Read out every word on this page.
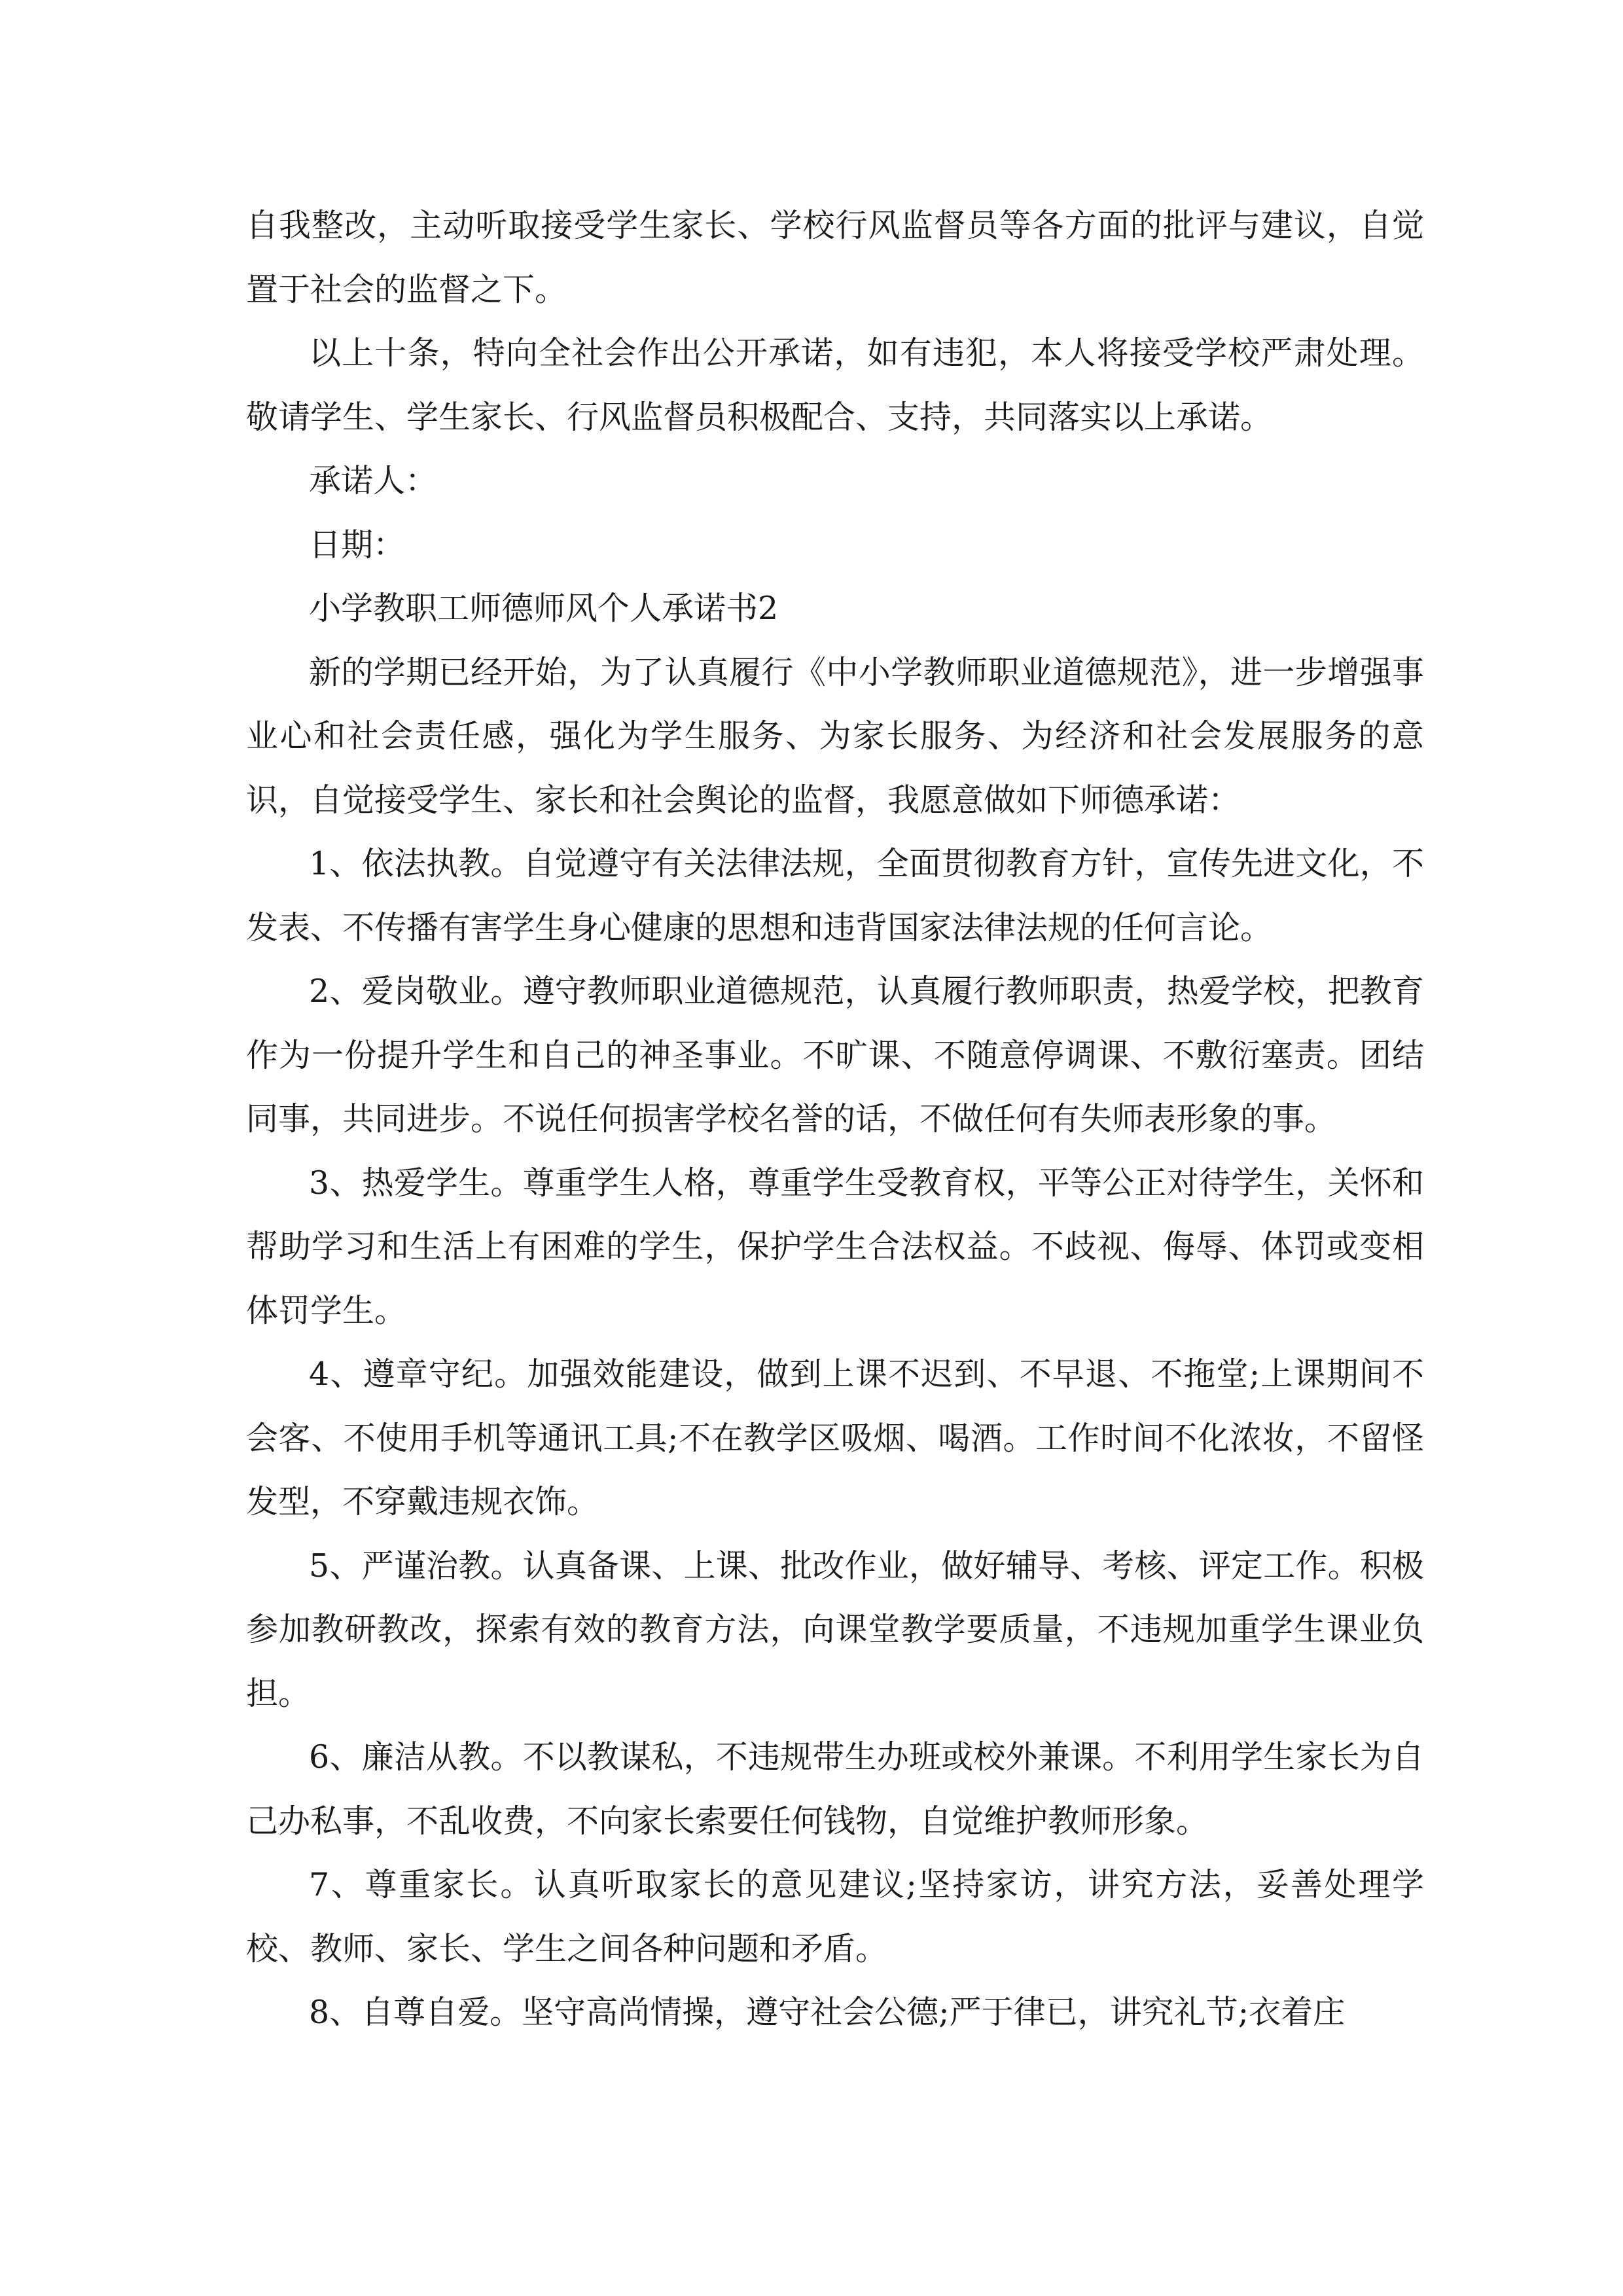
自我整改，主动听取接受学生家长、学校行风监督员等各方面的批评与建议，自觉置于社会的监督之下。

以上十条，特向全社会作出公开承诺，如有违犯，本人将接受学校严肃处理。敬请学生、学生家长、行风监督员积极配合、支持，共同落实以上承诺。

承诺人：

日期：

小学教职工师德师风个人承诺书2

新的学期已经开始，为了认真履行《中小学教师职业道德规范》，进一步增强事业心和社会责任感，强化为学生服务、为家长服务、为经济和社会发展服务的意识，自觉接受学生、家长和社会舆论的监督，我愿意做如下师德承诺：

1、依法执教。自觉遵守有关法律法规，全面贯彻教育方针，宣传先进文化，不发表、不传播有害学生身心健康的思想和违背国家法律法规的任何言论。

2、爱岗敬业。遵守教师职业道德规范，认真履行教师职责，热爱学校，把教育作为一份提升学生和自己的神圣事业。不旷课、不随意停调课、不敷衍塞责。团结同事，共同进步。不说任何损害学校名誉的话，不做任何有失师表形象的事。

3、热爱学生。尊重学生人格，尊重学生受教育权，平等公正对待学生，关怀和帮助学习和生活上有困难的学生，保护学生合法权益。不歧视、侮辱、体罚或变相体罚学生。

4、遵章守纪。加强效能建设，做到上课不迟到、不早退、不拖堂;上课期间不会客、不使用手机等通讯工具;不在教学区吸烟、喝酒。工作时间不化浓妆，不留怪发型，不穿戴违规衣饰。

5、严谨治教。认真备课、上课、批改作业，做好辅导、考核、评定工作。积极参加教研教改，探索有效的教育方法，向课堂教学要质量，不违规加重学生课业负担。

6、廉洁从教。不以教谋私，不违规带生办班或校外兼课。不利用学生家长为自己办私事，不乱收费，不向家长索要任何钱物，自觉维护教师形象。

7、尊重家长。认真听取家长的意见建议;坚持家访，讲究方法，妥善处理学校、教师、家长、学生之间各种问题和矛盾。

8、自尊自爱。坚守高尚情操，遵守社会公德;严于律已，讲究礼节;衣着庄
